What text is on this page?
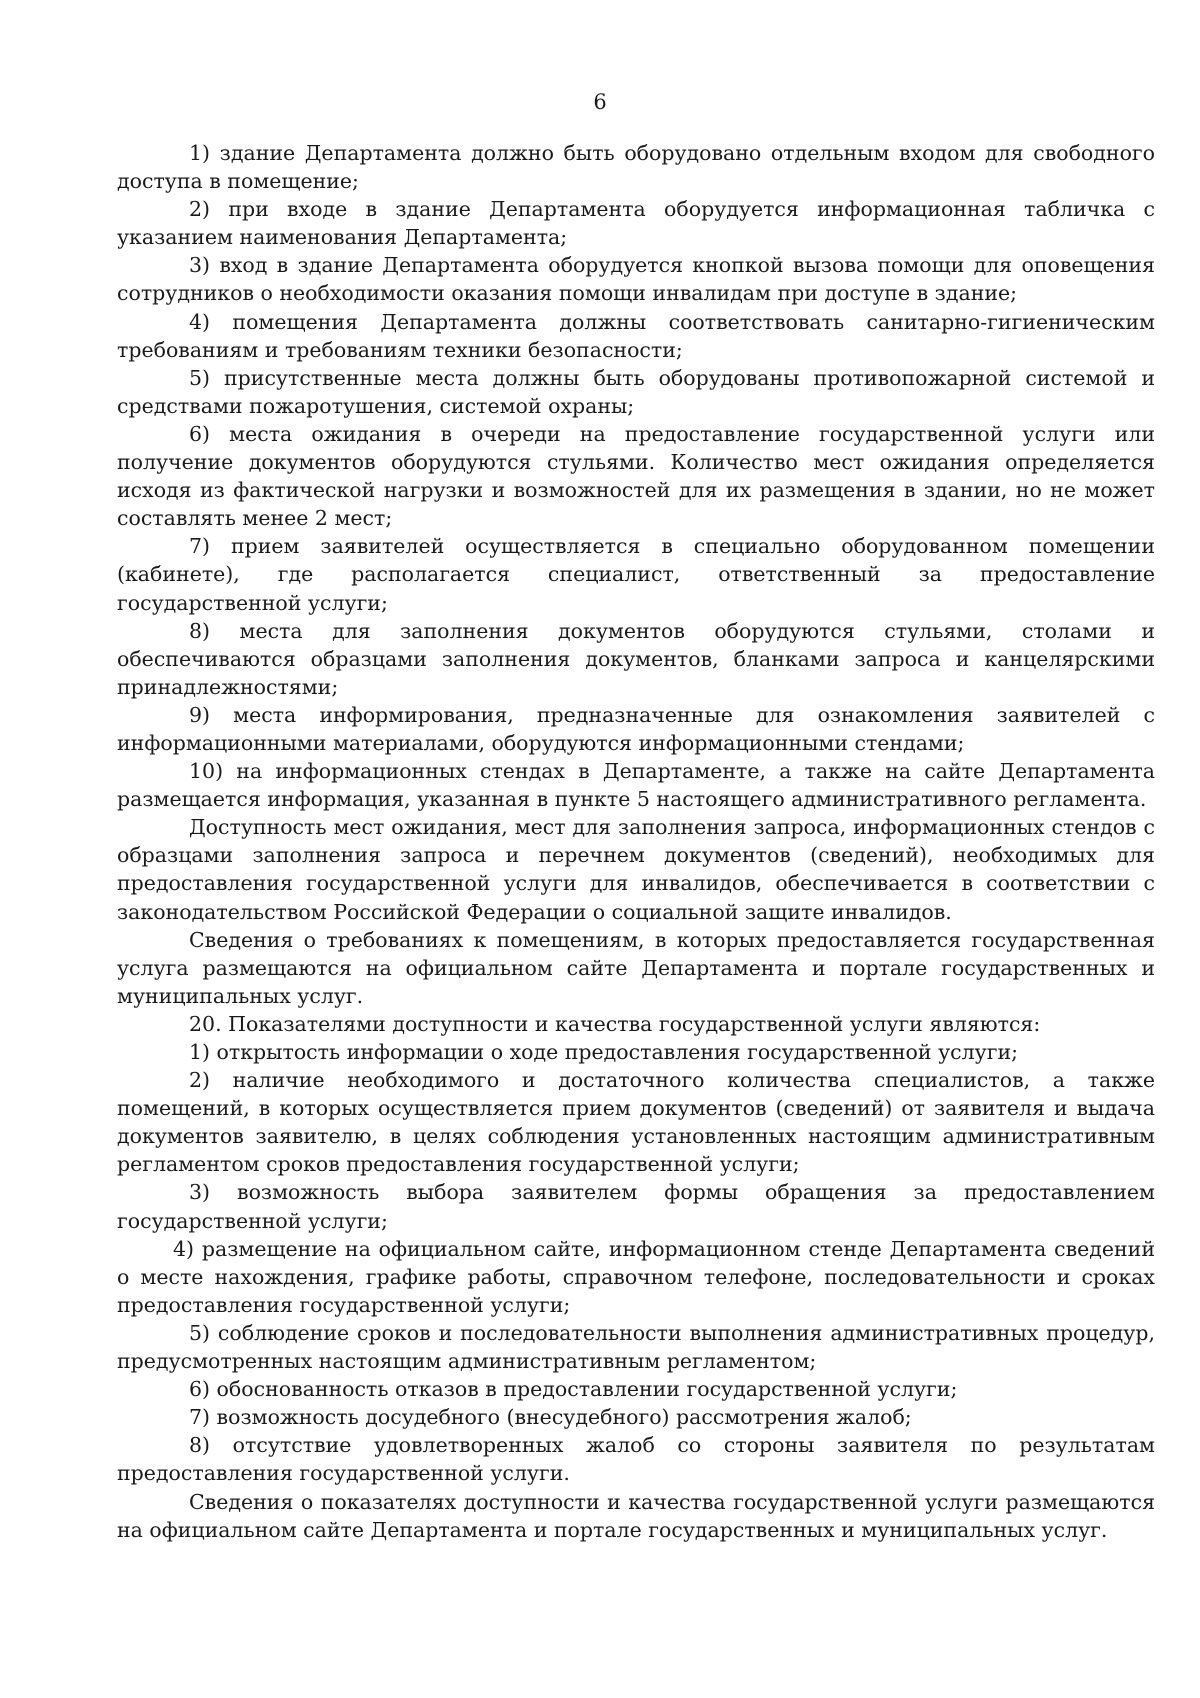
6

1) здание Департамента должно быть оборудовано отдельным входом для свободного доступа в помещение;

2) при входе в здание Департамента оборудуется информационная табличка с указанием наименования Департамента;

3) вход в здание Департамента оборудуется кнопкой вызова помощи для оповещения сотрудников о необходимости оказания помощи инвалидам при доступе в здание;

4) помещения Департамента должны соответствовать санитарно-гигиеническим требованиям и требованиям техники безопасности;

5) присутственные места должны быть оборудованы противопожарной системой и средствами пожаротушения, системой охраны;

6) места ожидания в очереди на предоставление государственной услуги или получение документов оборудуются стульями. Количество мест ожидания определяется исходя из фактической нагрузки и возможностей для их размещения в здании, но не может составлять менее 2 мест;

7) прием заявителей осуществляется в специально оборудованном помещении (кабинете), где располагается специалист, ответственный за предоставление государственной услуги;

8) места для заполнения документов оборудуются стульями, столами и обеспечиваются образцами заполнения документов, бланками запроса и канцелярскими принадлежностями;

9) места информирования, предназначенные для ознакомления заявителей с информационными материалами, оборудуются информационными стендами;

10) на информационных стендах в Департаменте, а также на сайте Департамента размещается информация, указанная в пункте 5 настоящего административного регламента.

Доступность мест ожидания, мест для заполнения запроса, информационных стендов с образцами заполнения запроса и перечнем документов (сведений), необходимых для предоставления государственной услуги для инвалидов, обеспечивается в соответствии с законодательством Российской Федерации о социальной защите инвалидов.

Сведения о требованиях к помещениям, в которых предоставляется государственная услуга размещаются на официальном сайте Департамента и портале государственных и муниципальных услуг.

20. Показателями доступности и качества государственной услуги являются:

1) открытость информации о ходе предоставления государственной услуги;

2) наличие необходимого и достаточного количества специалистов, а также помещений, в которых осуществляется прием документов (сведений) от заявителя и выдача документов заявителю, в целях соблюдения установленных настоящим административным регламентом сроков предоставления государственной услуги;

3) возможность выбора заявителем формы обращения за предоставлением государственной услуги;

4) размещение на официальном сайте, информационном стенде Департамента сведений о месте нахождения, графике работы, справочном телефоне, последовательности и сроках предоставления государственной услуги;

5) соблюдение сроков и последовательности выполнения административных процедур, предусмотренных настоящим административным регламентом;

6) обоснованность отказов в предоставлении государственной услуги;

7) возможность досудебного (внесудебного) рассмотрения жалоб;

8) отсутствие удовлетворенных жалоб со стороны заявителя по результатам предоставления государственной услуги.

Сведения о показателях доступности и качества государственной услуги размещаются на официальном сайте Департамента и портале государственных и муниципальных услуг.
